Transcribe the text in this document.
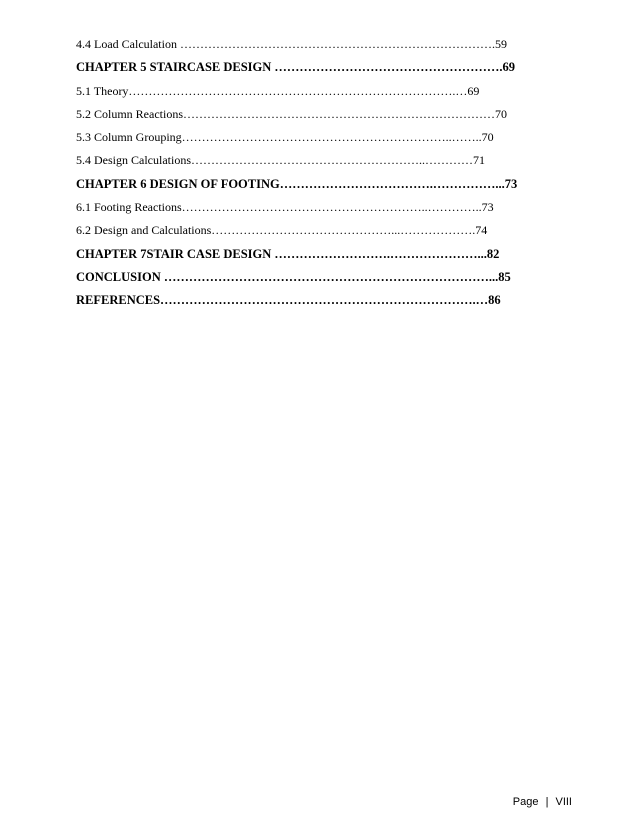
4.4 Load Calculation …………………………………………………………………….59
CHAPTER 5 STAIRCASE DESIGN ……………………………………………….69
5.1 Theory……………………………………………………………………….…69
5.2 Column Reactions……………………………………………………………………70
5.3 Column Grouping…………………………………………………………..……..70
5.4 Design Calculations…………………………………………………..…………71
CHAPTER 6 DESIGN OF FOOTING……………………………….……………...73
6.1 Footing Reactions……………………………………………………..…………..73
6.2 Design and Calculations………………………………………...……………….74
CHAPTER 7STAIR CASE DESIGN ……………………….…………………...82
CONCLUSION ……………………………………………………………………...85
REFERENCES………………………………………………………………….…86
Page | VIII
